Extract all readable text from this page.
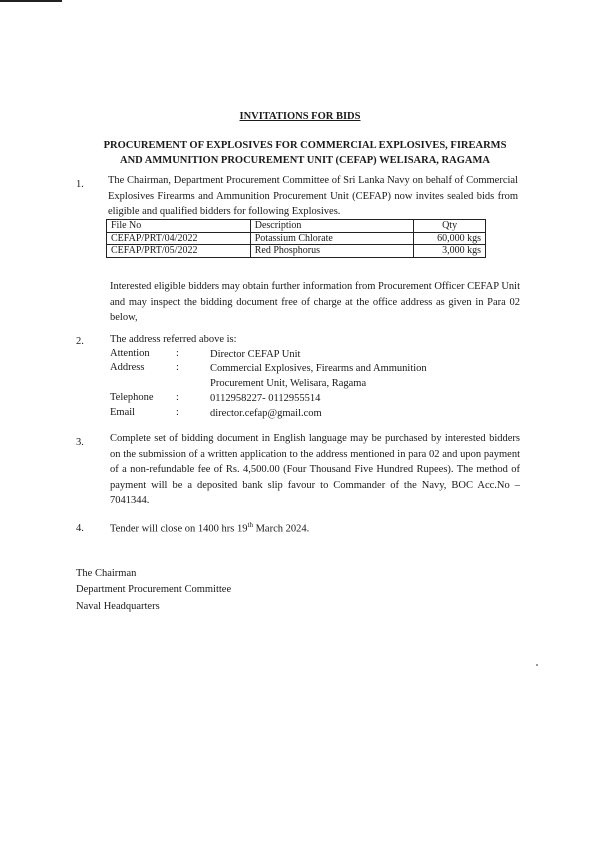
INVITATIONS FOR BIDS
PROCUREMENT OF EXPLOSIVES FOR COMMERCIAL EXPLOSIVES, FIREARMS
AND AMMUNITION PROCUREMENT UNIT (CEFAP) WELISARA, RAGAMA
1. The Chairman, Department Procurement Committee of Sri Lanka Navy on behalf of Commercial Explosives Firearms and Ammunition Procurement Unit (CEFAP) now invites sealed bids from eligible and qualified bidders for following Explosives.
File No	Description	Qty
CEFAP/PRT/04/2022	Potassium Chlorate	60,000 kgs
CEFAP/PRT/05/2022	Red Phosphorus	3,000 kgs
Interested eligible bidders may obtain further information from Procurement Officer CEFAP Unit and may inspect the bidding document free of charge at the office address as given in Para 02 below,
2. The address referred above is:
Attention	:	Director CEFAP Unit
Address	:	Commercial Explosives, Firearms and Ammunition
Procurement Unit, Welisara, Ragama
Telephone :	0112958227- 0112955514
Email	:	director.cefap@gmail.com
3. Complete set of bidding document in English language may be purchased by interested bidders on the submission of a written application to the address mentioned in para 02 and upon payment of a non-refundable fee of Rs. 4,500.00 (Four Thousand Five Hundred Rupees). The method of payment will be a deposited bank slip favour to Commander of the Navy, BOC Acc.No – 7041344.
4. Tender will close on 1400 hrs 19th March 2024.
The Chairman
Department Procurement Committee
Naval Headquarters
